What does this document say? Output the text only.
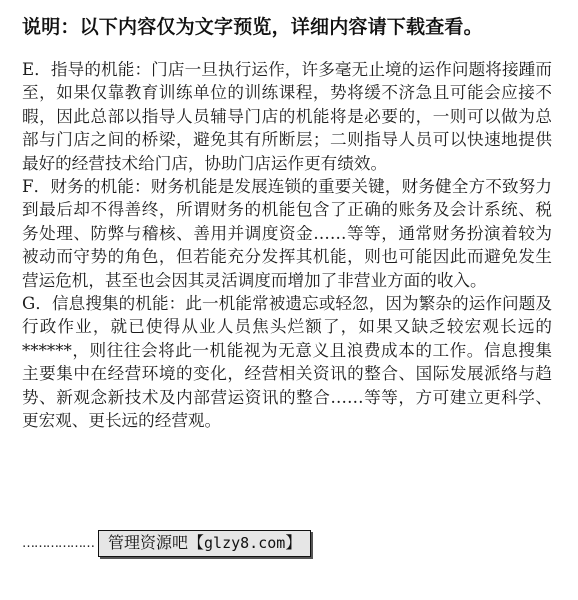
说明：以下内容仅为文字预览，详细内容请下载查看。

E．指导的机能：门店一旦执行运作，许多毫无止境的运作问题将接踵而至，如果仅靠教育训练单位的训练课程，势将缓不济急且可能会应接不暇，因此总部以指导人员辅导门店的机能将是必要的，一则可以做为总部与门店之间的桥梁，避免其有所断层；二则指导人员可以快速地提供最好的经营技术给门店，协助门店运作更有绩效。

F．财务的机能：财务机能是发展连锁的重要关键，财务健全方不致努力到最后却不得善终，所谓财务的机能包含了正确的账务及会计系统、税务处理、防弊与稽核、善用并调度资金……等等，通常财务扮演着较为被动而守势的角色，但若能充分发挥其机能，则也可能因此而避免发生营运危机，甚至也会因其灵活调度而增加了非营业方面的收入。

G．信息搜集的机能：此一机能常被遗忘或轻忽，因为繁杂的运作问题及行政作业，就已使得从业人员焦头烂额了，如果又缺乏较宏观长远的******，则往往会将此一机能视为无意义且浪费成本的工作。信息搜集主要集中在经营环境的变化，经营相关资讯的整合、国际发展派络与趋势、新观念新技术及内部营运资讯的整合……等等，方可建立更科学、更宏观、更长远的经营观。

……………… 管理资源吧【glzy8.com】
